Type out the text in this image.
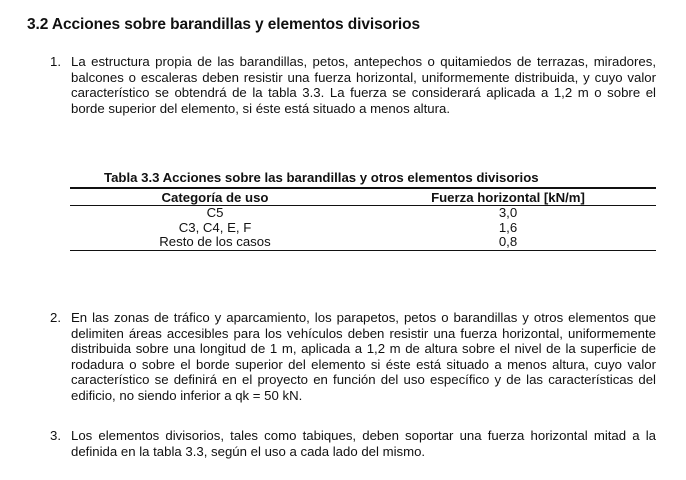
3.2 Acciones sobre barandillas y elementos divisorios
1. La estructura propia de las barandillas, petos, antepechos o quitamiedos de terrazas, miradores, balcones o escaleras deben resistir una fuerza horizontal, uniformemente distribuida, y cuyo valor característico se obtendrá de la tabla 3.3. La fuerza se considerará aplicada a 1,2 m o sobre el borde superior del elemento, si éste está situado a menos altura.
Tabla 3.3 Acciones sobre las barandillas y otros elementos divisorios
Categoría de uso	Fuerza horizontal [kN/m]
C5	3,0
C3, C4, E, F	1,6
Resto de los casos	0,8
2. En las zonas de tráfico y aparcamiento, los parapetos, petos o barandillas y otros elementos que delimiten áreas accesibles para los vehículos deben resistir una fuerza horizontal, uniformemente distribuida sobre una longitud de 1 m, aplicada a 1,2 m de altura sobre el nivel de la superficie de rodadura o sobre el borde superior del elemento si éste está situado a menos altura, cuyo valor característico se definirá en el proyecto en función del uso específico y de las características del edificio, no siendo inferior a qk = 50 kN.
3. Los elementos divisorios, tales como tabiques, deben soportar una fuerza horizontal mitad a la definida en la tabla 3.3, según el uso a cada lado del mismo.
